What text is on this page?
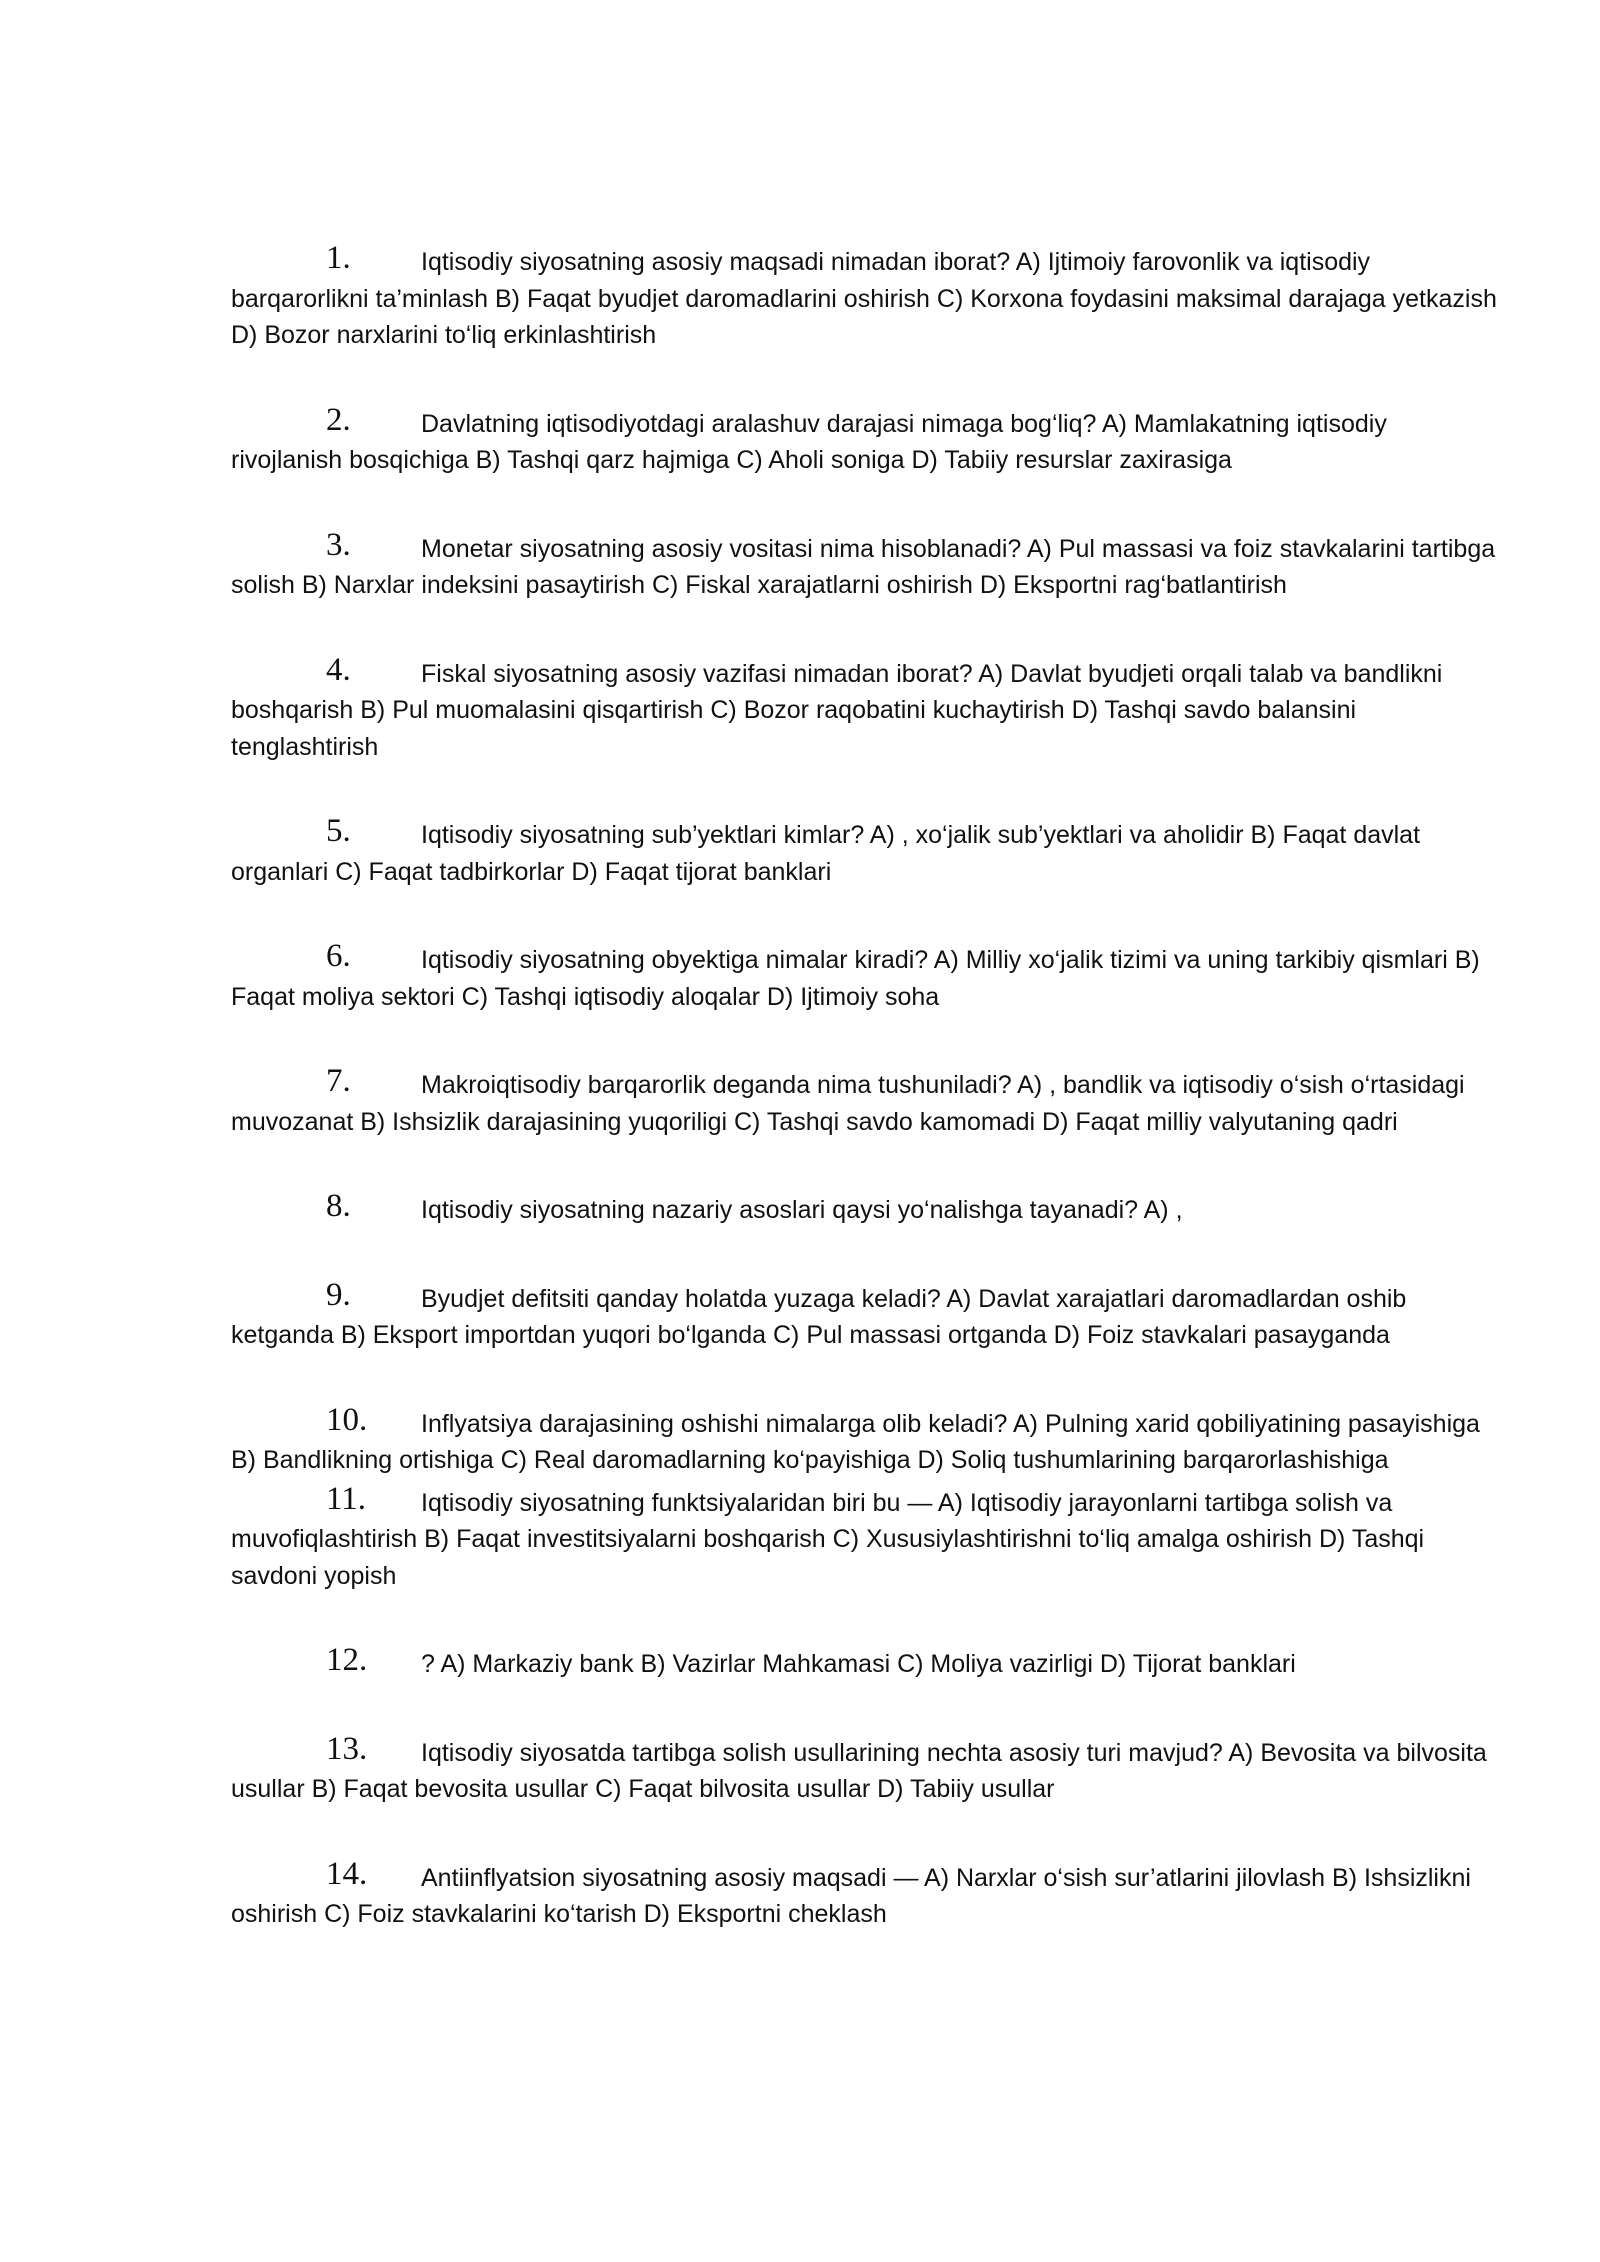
1.	Iqtisodiy siyosatning asosiy maqsadi nimadan iborat? A) Ijtimoiy farovonlik va iqtisodiy barqarorlikni ta’minlash B) Faqat byudjet daromadlarini oshirish C) Korxona foydasini maksimal darajaga yetkazish D) Bozor narxlarini to‘liq erkinlashtirish
2.	Davlatning iqtisodiyotdagi aralashuv darajasi nimaga bog‘liq? A) Mamlakatning iqtisodiy rivojlanish bosqichiga B) Tashqi qarz hajmiga C) Aholi soniga D) Tabiiy resurslar zaxirasiga
3.	Monetar siyosatning asosiy vositasi nima hisoblanadi? A) Pul massasi va foiz stavkalarini tartibga solish B) Narxlar indeksini pasaytirish C) Fiskal xarajatlarni oshirish D) Eksportni rag‘batlantirish
4.	Fiskal siyosatning asosiy vazifasi nimadan iborat? A) Davlat byudjeti orqali talab va bandlikni boshqarish B) Pul muomalasini qisqartirish C) Bozor raqobatini kuchaytirish D) Tashqi savdo balansini tenglashtirish
5.	Iqtisodiy siyosatning sub’yektlari kimlar? A) , xo‘jalik sub’yektlari va aholidir B) Faqat davlat organlari C) Faqat tadbirkorlar D) Faqat tijorat banklari
6.	Iqtisodiy siyosatning obyektiga nimalar kiradi? A) Milliy xo‘jalik tizimi va uning tarkibiy qismlari B) Faqat moliya sektori C) Tashqi iqtisodiy aloqalar D) Ijtimoiy soha
7.	Makroiqtisodiy barqarorlik deganda nima tushuniladi? A) , bandlik va iqtisodiy o‘sish o‘rtasidagi muvozanat B) Ishsizlik darajasining yuqoriligi C) Tashqi savdo kamomadi D) Faqat milliy valyutaning qadri
8.	Iqtisodiy siyosatning nazariy asoslari qaysi yo‘nalishga tayanadi? A) ,
9.	Byudjet defitsiti qanday holatda yuzaga keladi? A) Davlat xarajatlari daromadlardan oshib ketganda B) Eksport importdan yuqori bo‘lganda C) Pul massasi ortganda D) Foiz stavkalari pasayganda
10. Inflyatsiya darajasining oshishi nimalarga olib keladi? A) Pulning xarid qobiliyatining pasayishiga B) Bandlikning ortishiga C) Real daromadlarning ko‘payishiga D) Soliq tushumlarining barqarorlashishiga
11. Iqtisodiy siyosatning funktsiyalaridan biri bu — A) Iqtisodiy jarayonlarni tartibga solish va muvofiqlashtirish B) Faqat investitsiyalarni boshqarish C) Xususiylashtirishni to‘liq amalga oshirish D) Tashqi savdoni yopish
12. ? A) Markaziy bank B) Vazirlar Mahkamasi C) Moliya vazirligi D) Tijorat banklari
13. Iqtisodiy siyosatda tartibga solish usullarining nechta asosiy turi mavjud? A) Bevosita va bilvosita usullar B) Faqat bevosita usullar C) Faqat bilvosita usullar D) Tabiiy usullar
14. Antiinflyatsion siyosatning asosiy maqsadi — A) Narxlar o‘sish sur’atlarini jilovlash B) Ishsizlikni oshirish C) Foiz stavkalarini ko‘tarish D) Eksportni cheklash
